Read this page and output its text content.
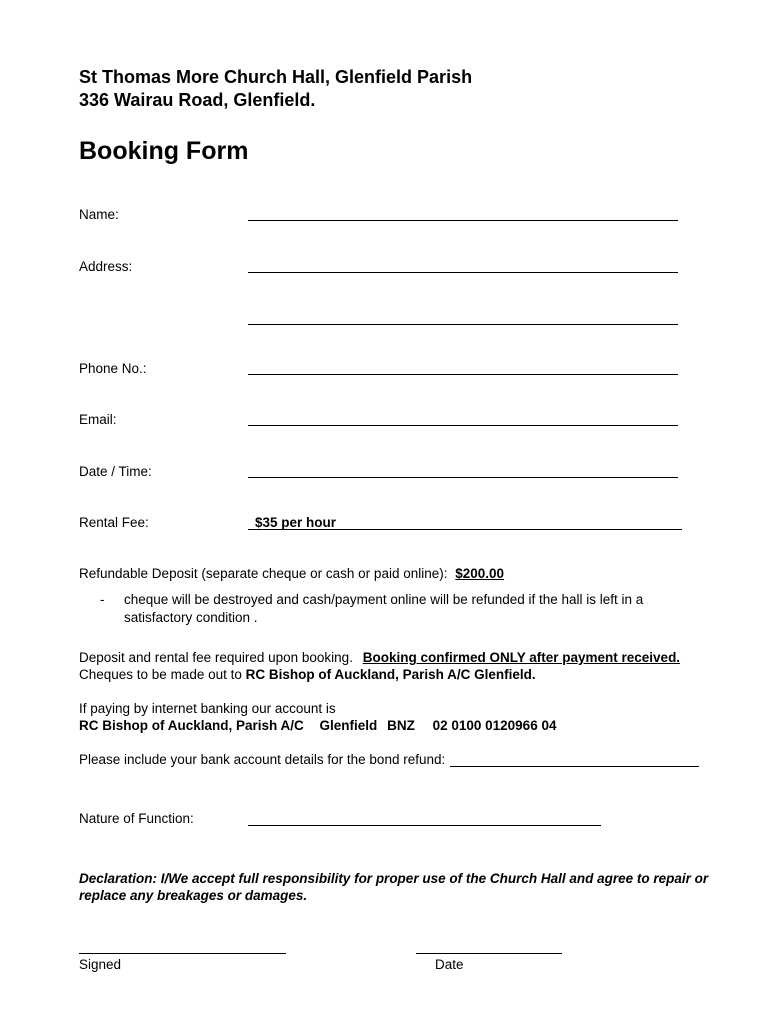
St Thomas More Church Hall, Glenfield Parish
336 Wairau Road, Glenfield.
Booking Form
Name:
Address:
Phone No.:
Email:
Date / Time:
Rental Fee:	$35 per hour
Refundable Deposit (separate cheque or cash or paid online): $200.00
- cheque will be destroyed and cash/payment online will be refunded if the hall is left in a
satisfactory condition .
Deposit and rental fee required upon booking. Booking confirmed ONLY after payment received.
Cheques to be made out to RC Bishop of Auckland, Parish A/C Glenfield.
If paying by internet banking our account is
RC Bishop of Auckland, Parish A/C Glenfield BNZ 02 0100 0120966 04
Please include your bank account details for the bond refund:
Nature of Function:
Declaration: I/We accept full responsibility for proper use of the Church Hall and agree to repair or
replace any breakages or damages.
Signed	Date
